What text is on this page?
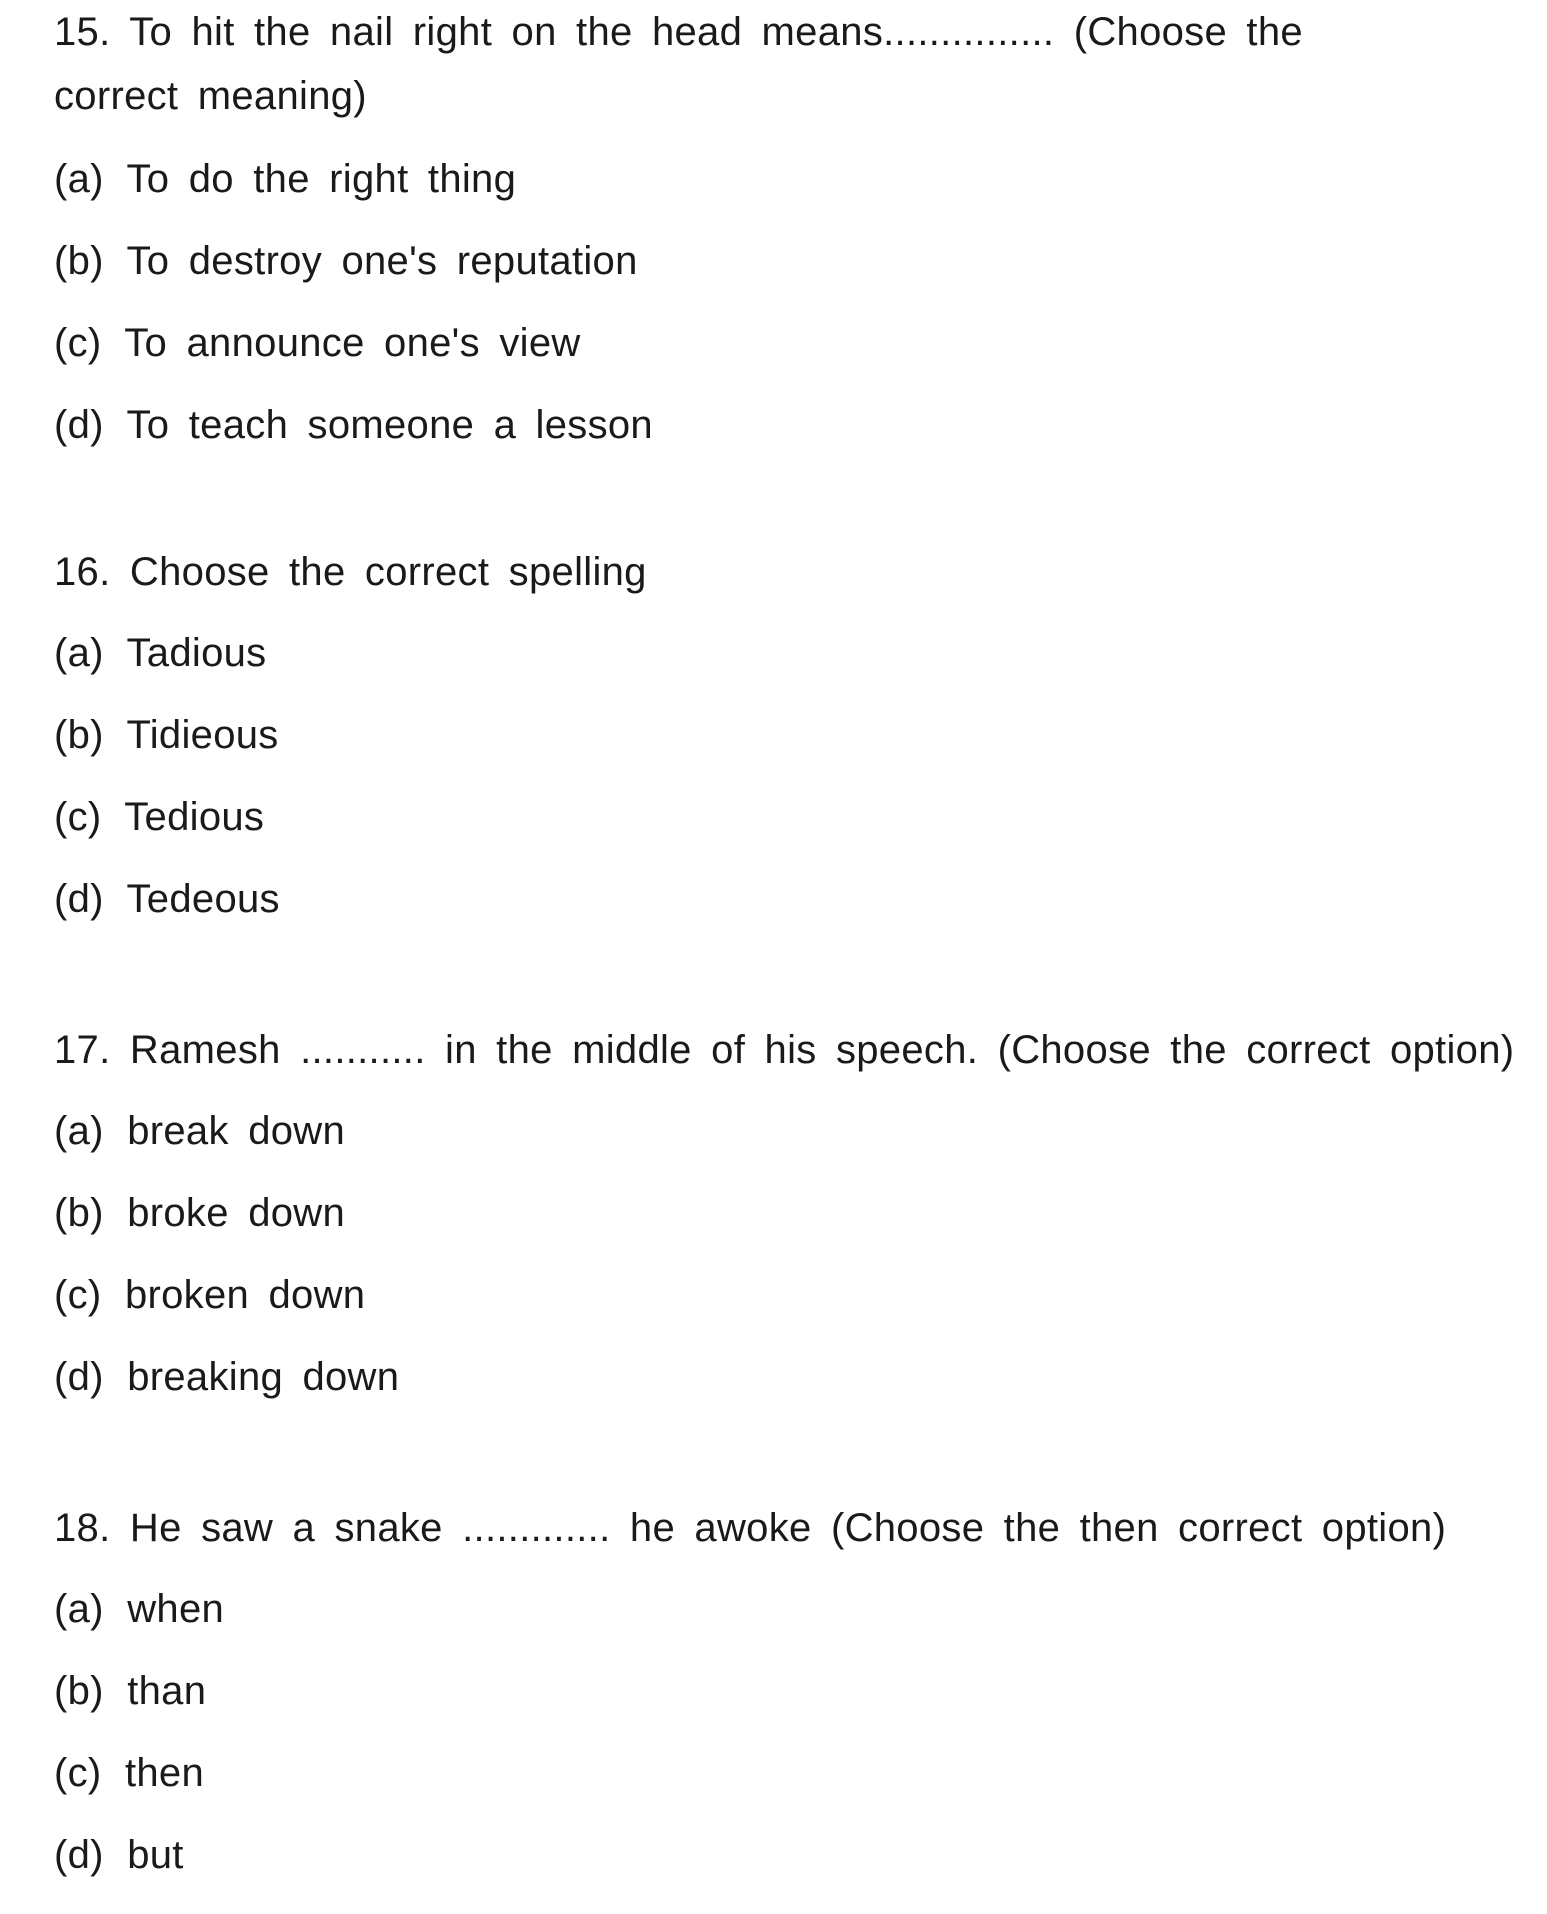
15. To hit the nail right on the head means............... (Choose the correct meaning)

(a) To do the right thing
(b) To destroy one's reputation
(c) To announce one's view
(d) To teach someone a lesson

16. Choose the correct spelling

(a) Tadious
(b) Tidieous
(c) Tedious
(d) Tedeous

17. Ramesh ........... in the middle of his speech. (Choose the correct option)

(a) break down
(b) broke down
(c) broken down
(d) breaking down

18. He saw a snake ............. he awoke (Choose the then correct option)

(a) when
(b) than
(c) then
(d) but
